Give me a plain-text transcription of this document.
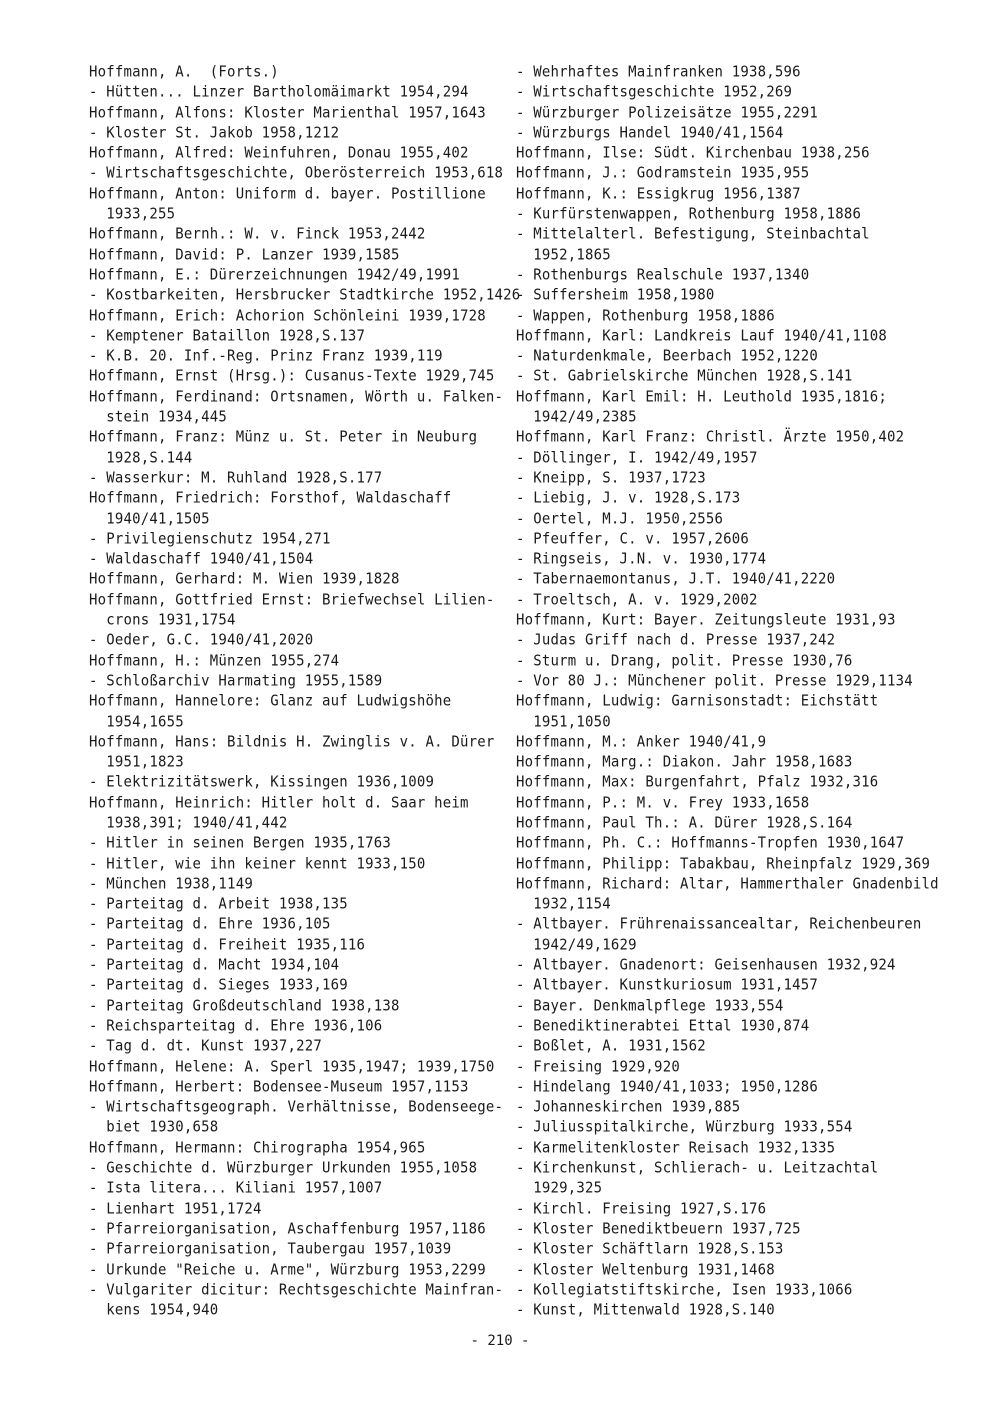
Hoffmann, A.  (Forts.)
- Hütten... Linzer Bartholomäimarkt 1954,294
Hoffmann, Alfons: Kloster Marienthal 1957,1643
- Kloster St. Jakob 1958,1212
Hoffmann, Alfred: Weinfuhren, Donau 1955,402
- Wirtschaftsgeschichte, Oberösterreich 1953,618
Hoffmann, Anton: Uniform d. bayer. Postillione
1933,255
Hoffmann, Bernh.: W. v. Finck 1953,2442
Hoffmann, David: P. Lanzer 1939,1585
Hoffmann, E.: Dürerzeichnungen 1942/49,1991
- Kostbarkeiten, Hersbrucker Stadtkirche 1952,1426
Hoffmann, Erich: Achorion Schönleini 1939,1728
- Kemptener Bataillon 1928,S.137
- K.B. 20. Inf.-Reg. Prinz Franz 1939,119
Hoffmann, Ernst (Hrsg.): Cusanus-Texte 1929,745
Hoffmann, Ferdinand: Ortsnamen, Wörth u. Falken-
stein 1934,445
Hoffmann, Franz: Münz u. St. Peter in Neuburg
1928,S.144
- Wasserkur: M. Ruhland 1928,S.177
Hoffmann, Friedrich: Forsthof, Waldaschaff
1940/41,1505
- Privilegienschutz 1954,271
- Waldaschaff 1940/41,1504
Hoffmann, Gerhard: M. Wien 1939,1828
Hoffmann, Gottfried Ernst: Briefwechsel Lilien-
crons 1931,1754
- Oeder, G.C. 1940/41,2020
Hoffmann, H.: Münzen 1955,274
- Schloßarchiv Harmating 1955,1589
Hoffmann, Hannelore: Glanz auf Ludwigshöhe
1954,1655
Hoffmann, Hans: Bildnis H. Zwinglis v. A. Dürer
1951,1823
- Elektrizitätswerk, Kissingen 1936,1009
Hoffmann, Heinrich: Hitler holt d. Saar heim
1938,391; 1940/41,442
- Hitler in seinen Bergen 1935,1763
- Hitler, wie ihn keiner kennt 1933,150
- München 1938,1149
- Parteitag d. Arbeit 1938,135
- Parteitag d. Ehre 1936,105
- Parteitag d. Freiheit 1935,116
- Parteitag d. Macht 1934,104
- Parteitag d. Sieges 1933,169
- Parteitag Großdeutschland 1938,138
- Reichsparteitag d. Ehre 1936,106
- Tag d. dt. Kunst 1937,227
Hoffmann, Helene: A. Sperl 1935,1947; 1939,1750
Hoffmann, Herbert: Bodensee-Museum 1957,1153
- Wirtschaftsgeograph. Verhältnisse, Bodenseege-
biet 1930,658
Hoffmann, Hermann: Chirographa 1954,965
- Geschichte d. Würzburger Urkunden 1955,1058
- Ista litera... Kiliani 1957,1007
- Lienhart 1951,1724
- Pfarreiorganisation, Aschaffenburg 1957,1186
- Pfarreiorganisation, Taubergau 1957,1039
- Urkunde "Reiche u. Arme", Würzburg 1953,2299
- Vulgariter dicitur: Rechtsgeschichte Mainfran-
kens 1954,940
- Wehrhaftes Mainfranken 1938,596
- Wirtschaftsgeschichte 1952,269
- Würzburger Polizeisätze 1955,2291
- Würzburgs Handel 1940/41,1564
Hoffmann, Ilse: Südt. Kirchenbau 1938,256
Hoffmann, J.: Godramstein 1935,955
Hoffmann, K.: Essigkrug 1956,1387
- Kurfürstenwappen, Rothenburg 1958,1886
- Mittelalterl. Befestigung, Steinbachtal
1952,1865
- Rothenburgs Realschule 1937,1340
- Suffersheim 1958,1980
- Wappen, Rothenburg 1958,1886
Hoffmann, Karl: Landkreis Lauf 1940/41,1108
- Naturdenkmale, Beerbach 1952,1220
- St. Gabrielskirche München 1928,S.141
Hoffmann, Karl Emil: H. Leuthold 1935,1816;
1942/49,2385
Hoffmann, Karl Franz: Christl. Ärzte 1950,402
- Döllinger, I. 1942/49,1957
- Kneipp, S. 1937,1723
- Liebig, J. v. 1928,S.173
- Oertel, M.J. 1950,2556
- Pfeuffer, C. v. 1957,2606
- Ringseis, J.N. v. 1930,1774
- Tabernaemontanus, J.T. 1940/41,2220
- Troeltsch, A. v. 1929,2002
Hoffmann, Kurt: Bayer. Zeitungsleute 1931,93
- Judas Griff nach d. Presse 1937,242
- Sturm u. Drang, polit. Presse 1930,76
- Vor 80 J.: Münchener polit. Presse 1929,1134
Hoffmann, Ludwig: Garnisonstadt: Eichstätt
1951,1050
Hoffmann, M.: Anker 1940/41,9
Hoffmann, Marg.: Diakon. Jahr 1958,1683
Hoffmann, Max: Burgenfahrt, Pfalz 1932,316
Hoffmann, P.: M. v. Frey 1933,1658
Hoffmann, Paul Th.: A. Dürer 1928,S.164
Hoffmann, Ph. C.: Hoffmanns-Tropfen 1930,1647
Hoffmann, Philipp: Tabakbau, Rheinpfalz 1929,369
Hoffmann, Richard: Altar, Hammerthaler Gnadenbild
1932,1154
- Altbayer. Frührenaissancealtar, Reichenbeuren
1942/49,1629
- Altbayer. Gnadenort: Geisenhausen 1932,924
- Altbayer. Kunstkuriosum 1931,1457
- Bayer. Denkmalpflege 1933,554
- Benediktinerabtei Ettal 1930,874
- Boßlet, A. 1931,1562
- Freising 1929,920
- Hindelang 1940/41,1033; 1950,1286
- Johanneskirchen 1939,885
- Juliusspitalkirche, Würzburg 1933,554
- Karmelitenkloster Reisach 1932,1335
- Kirchenkunst, Schlierach- u. Leitzachtal
1929,325
- Kirchl. Freising 1927,S.176
- Kloster Benediktbeuern 1937,725
- Kloster Schäftlarn 1928,S.153
- Kloster Weltenburg 1931,1468
- Kollegiatstiftskirche, Isen 1933,1066
- Kunst, Mittenwald 1928,S.140
- 210 -
